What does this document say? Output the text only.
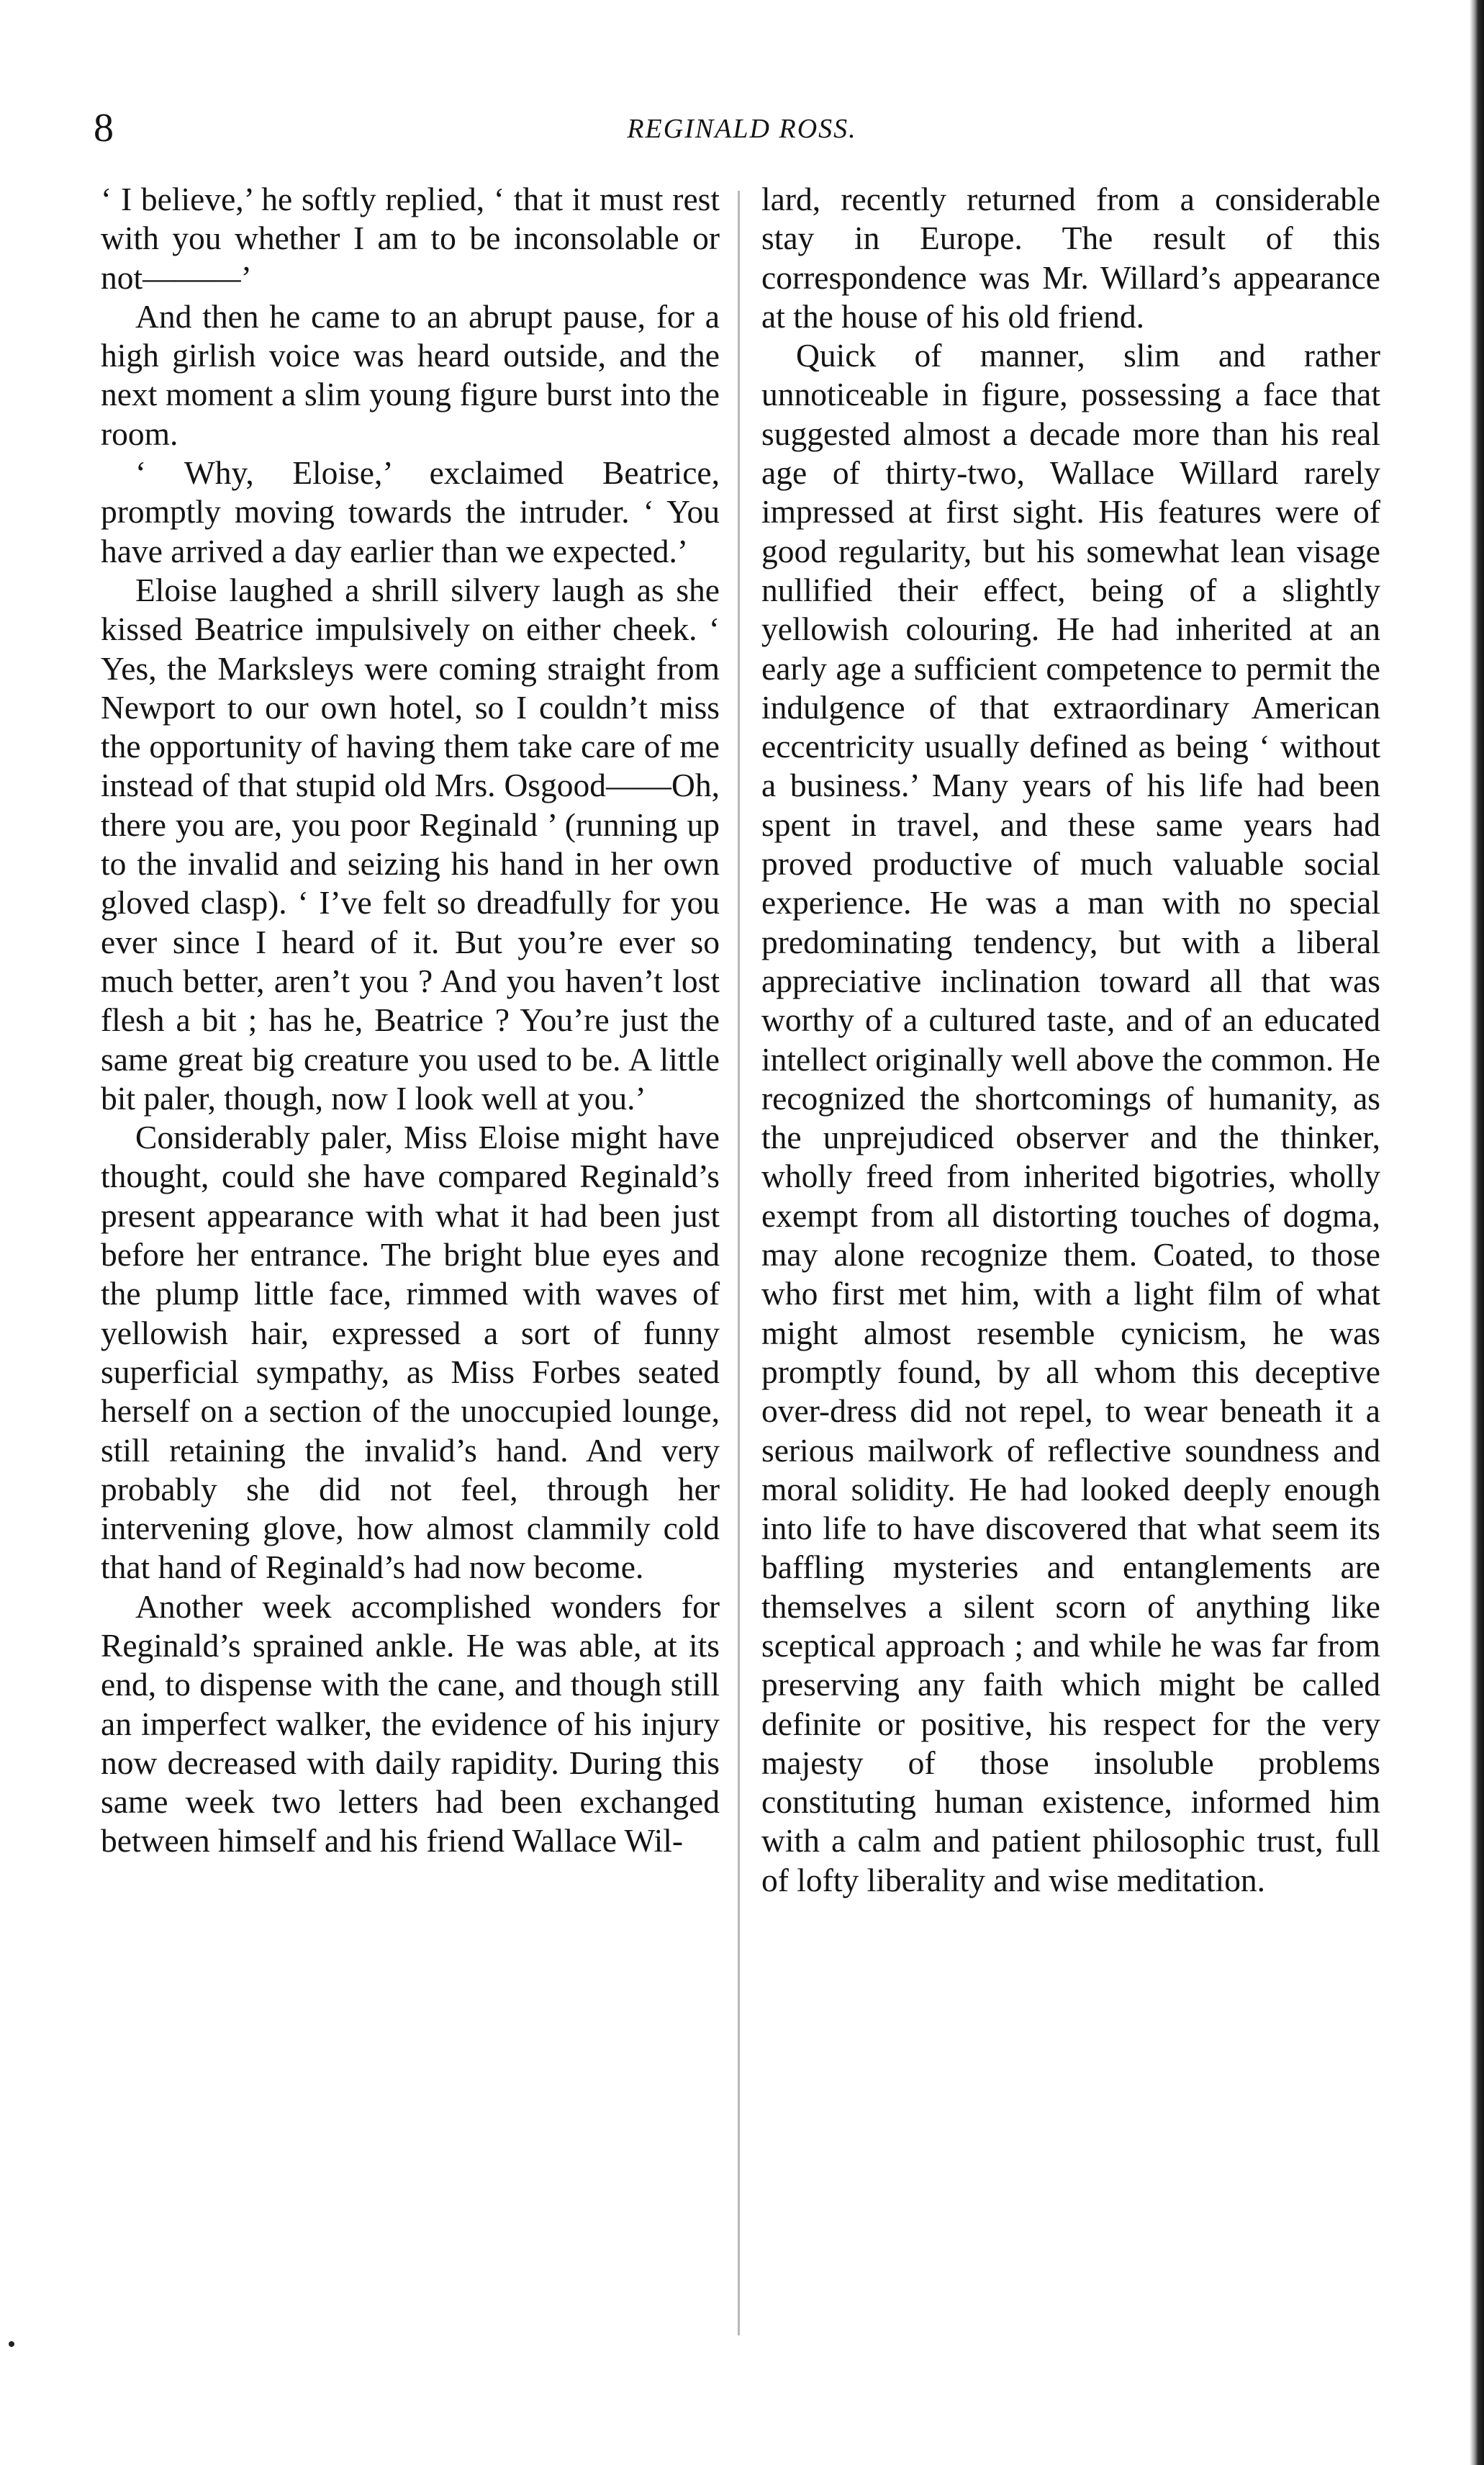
8	REGINALD ROSS.

‘ I believe,’ he softly replied, ‘ that it must rest with you whether I am to be inconsolable or not———’

And then he came to an abrupt pause, for a high girlish voice was heard outside, and the next moment a slim young figure burst into the room.

‘ Why, Eloise,’ exclaimed Beatrice, promptly moving towards the intruder. ‘ You have arrived a day earlier than we expected.’

Eloise laughed a shrill silvery laugh as she kissed Beatrice impulsively on either cheek. ‘ Yes, the Marksleys were coming straight from Newport to our own hotel, so I couldn’t miss the opportunity of having them take care of me instead of that stupid old Mrs. Osgood——Oh, there you are, you poor Reginald ’ (running up to the invalid and seizing his hand in her own gloved clasp). ‘ I’ve felt so dreadfully for you ever since I heard of it. But you’re ever so much better, aren’t you ? And you haven’t lost flesh a bit ; has he, Beatrice ? You’re just the same great big creature you used to be. A little bit paler, though, now I look well at you.’

Considerably paler, Miss Eloise might have thought, could she have compared Reginald’s present appearance with what it had been just before her entrance. The bright blue eyes and the plump little face, rimmed with waves of yellowish hair, expressed a sort of funny superficial sympathy, as Miss Forbes seated herself on a section of the unoccupied lounge, still retaining the invalid’s hand. And very probably she did not feel, through her intervening glove, how almost clammily cold that hand of Reginald’s had now become.

Another week accomplished wonders for Reginald’s sprained ankle. He was able, at its end, to dispense with the cane, and though still an imperfect walker, the evidence of his injury now decreased with daily rapidity. During this same week two letters had been exchanged between himself and his friend Wallace Wil-

lard, recently returned from a considerable stay in Europe. The result of this correspondence was Mr. Willard’s appearance at the house of his old friend.

Quick of manner, slim and rather unnoticeable in figure, possessing a face that suggested almost a decade more than his real age of thirty-two, Wallace Willard rarely impressed at first sight. His features were of good regularity, but his somewhat lean visage nullified their effect, being of a slightly yellowish colouring. He had inherited at an early age a sufficient competence to permit the indulgence of that extraordinary American eccentricity usually defined as being ‘ without a business.’ Many years of his life had been spent in travel, and these same years had proved productive of much valuable social experience. He was a man with no special predominating tendency, but with a liberal appreciative inclination toward all that was worthy of a cultured taste, and of an educated intellect originally well above the common. He recognized the shortcomings of humanity, as the unprejudiced observer and the thinker, wholly freed from inherited bigotries, wholly exempt from all distorting touches of dogma, may alone recognize them. Coated, to those who first met him, with a light film of what might almost resemble cynicism, he was promptly found, by all whom this deceptive over-dress did not repel, to wear beneath it a serious mailwork of reflective soundness and moral solidity. He had looked deeply enough into life to have discovered that what seem its baffling mysteries and entanglements are themselves a silent scorn of anything like sceptical approach ; and while he was far from preserving any faith which might be called definite or positive, his respect for the very majesty of those insoluble problems constituting human existence, informed him with a calm and patient philosophic trust, full of lofty liberality and wise meditation.
